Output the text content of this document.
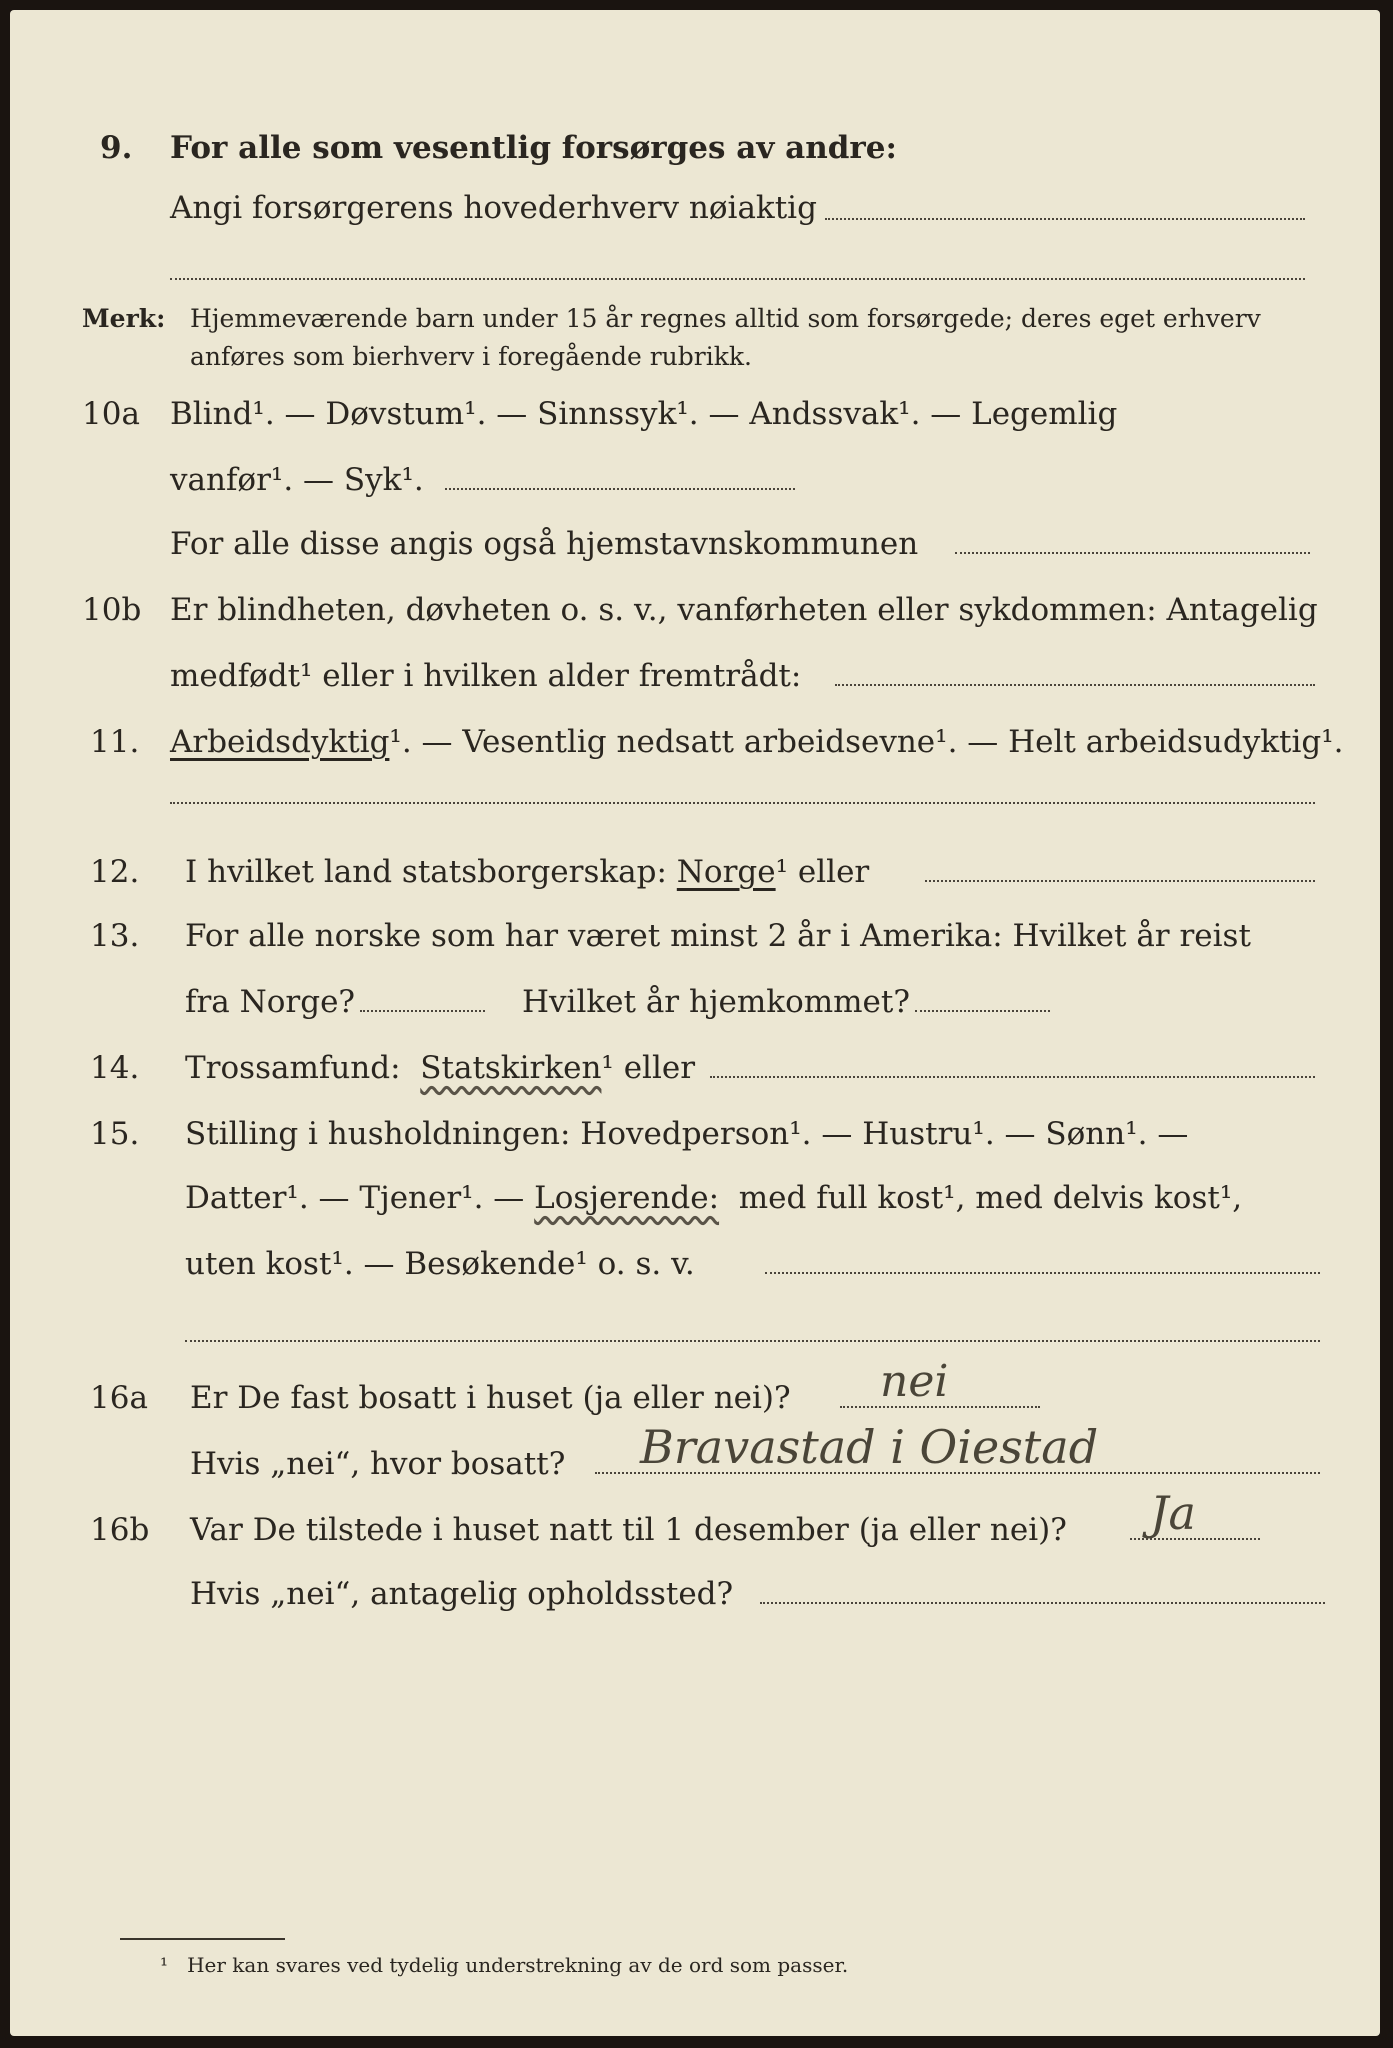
9. For alle som vesentlig forsørges av andre:
Angi forsørgerens hovederhverv nøiaktig
Merk: Hjemmeværende barn under 15 år regnes alltid som forsørgede; deres eget erhverv
anføres som bierhverv i foregående rubrikk.
10a Blind¹. — Døvstum¹. — Sinnssyk¹. — Andssvak¹. — Legemlig
vanfør¹. — Syk¹.
For alle disse angis også hjemstavnskommunen
10b Er blindheten, døvheten o. s. v., vanførheten eller sykdommen: Antagelig
medfødt¹ eller i hvilken alder fremtrådt:
11. Arbeidsdyktig¹. — Vesentlig nedsatt arbeidsevne¹. — Helt arbeidsudyktig¹.
12. I hvilket land statsborgerskap: Norge¹ eller
13. For alle norske som har været minst 2 år i Amerika: Hvilket år reist
fra Norge?	Hvilket år hjemkommet?
14. Trossamfund: Statskirken¹ eller
15. Stilling i husholdningen: Hovedperson¹. — Hustru¹. — Sønn¹. —
Datter¹. — Tjener¹. — Losjerende: med full kost¹, med delvis kost¹,
uten kost¹. — Besøkende¹ o. s. v.
16a Er De fast bosatt i huset (ja eller nei)? nei
Hvis „nei“, hvor bosatt? Bravastad i Oiestad
16b Var De tilstede i huset natt til 1 desember (ja eller nei)? Ja
Hvis „nei“, antagelig opholdssted?
¹ Her kan svares ved tydelig understrekning av de ord som passer.
